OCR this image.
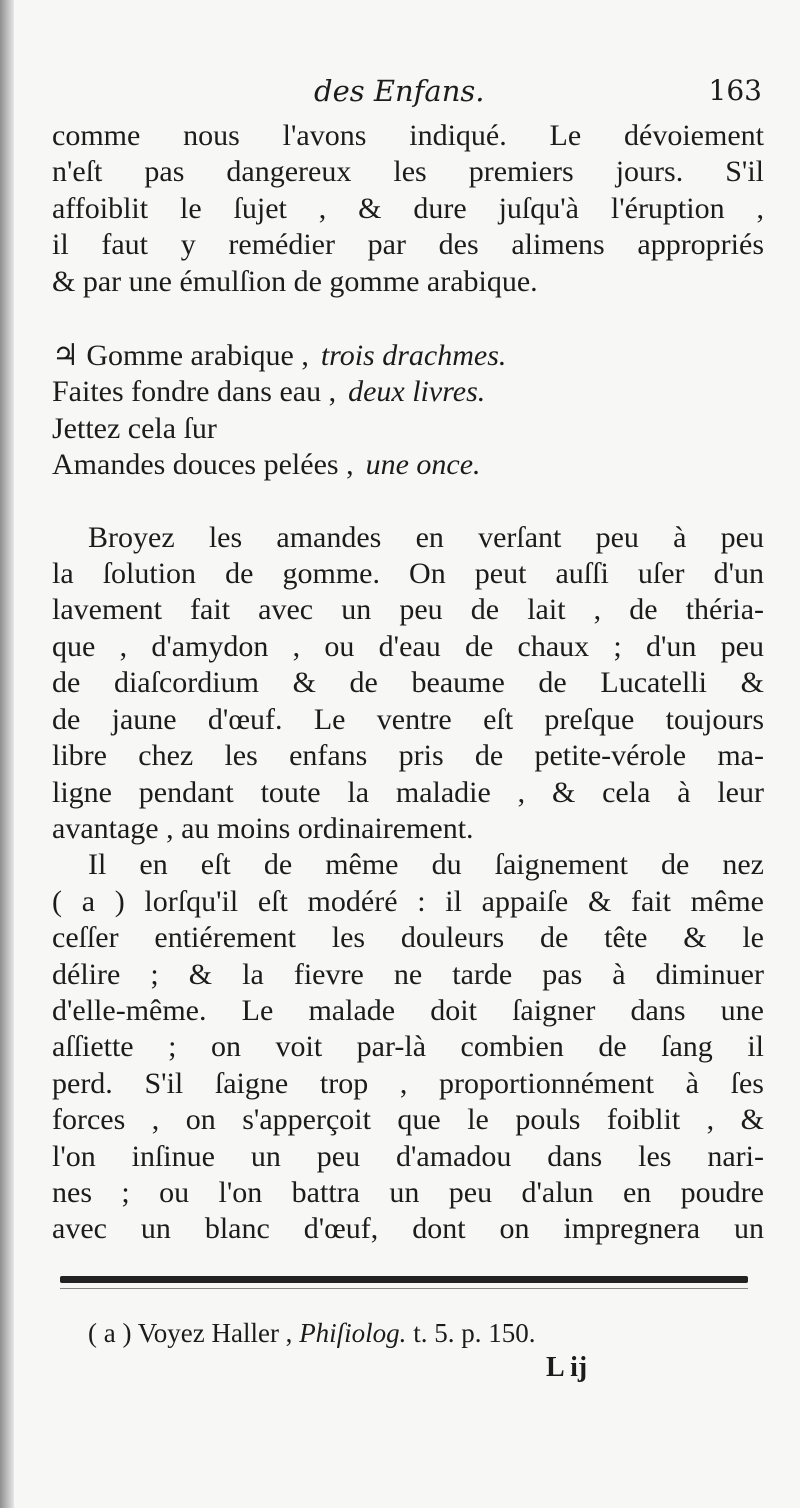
des Enfans.	163
comme nous l'avons indiqué. Le dévoiement
n'eſt pas dangereux les premiers jours. S'il
affoiblit le ſujet , & dure juſqu'à l'éruption ,
il faut y remédier par des alimens appropriés
& par une émulſion de gomme arabique.
♃ Gomme arabique , trois drachmes.
Faites fondre dans eau , deux livres.
Jettez cela ſur
Amandes douces pelées , une once.
Broyez les amandes en verſant peu à peu
la ſolution de gomme. On peut auſſi uſer d'un
lavement fait avec un peu de lait , de théria-
que , d'amydon , ou d'eau de chaux ; d'un peu
de diaſcordium & de beaume de Lucatelli &
de jaune d'œuf. Le ventre eſt preſque toujours
libre chez les enfans pris de petite-vérole ma-
ligne pendant toute la maladie , & cela à leur
avantage , au moins ordinairement.
Il en eſt de même du ſaignement de nez
( a ) lorſqu'il eſt modéré : il appaiſe & fait même
ceſſer entiérement les douleurs de tête & le
délire ; & la fievre ne tarde pas à diminuer
d'elle-même. Le malade doit ſaigner dans une
aſſiette ; on voit par-là combien de ſang il
perd. S'il ſaigne trop , proportionnément à ſes
forces , on s'apperçoit que le pouls foiblit , &
l'on inſinue un peu d'amadou dans les nari-
nes ; ou l'on battra un peu d'alun en poudre
avec un blanc d'œuf, dont on impregnera un
( a ) Voyez Haller , Phiſiolog. t. 5. p. 150.
L ij
